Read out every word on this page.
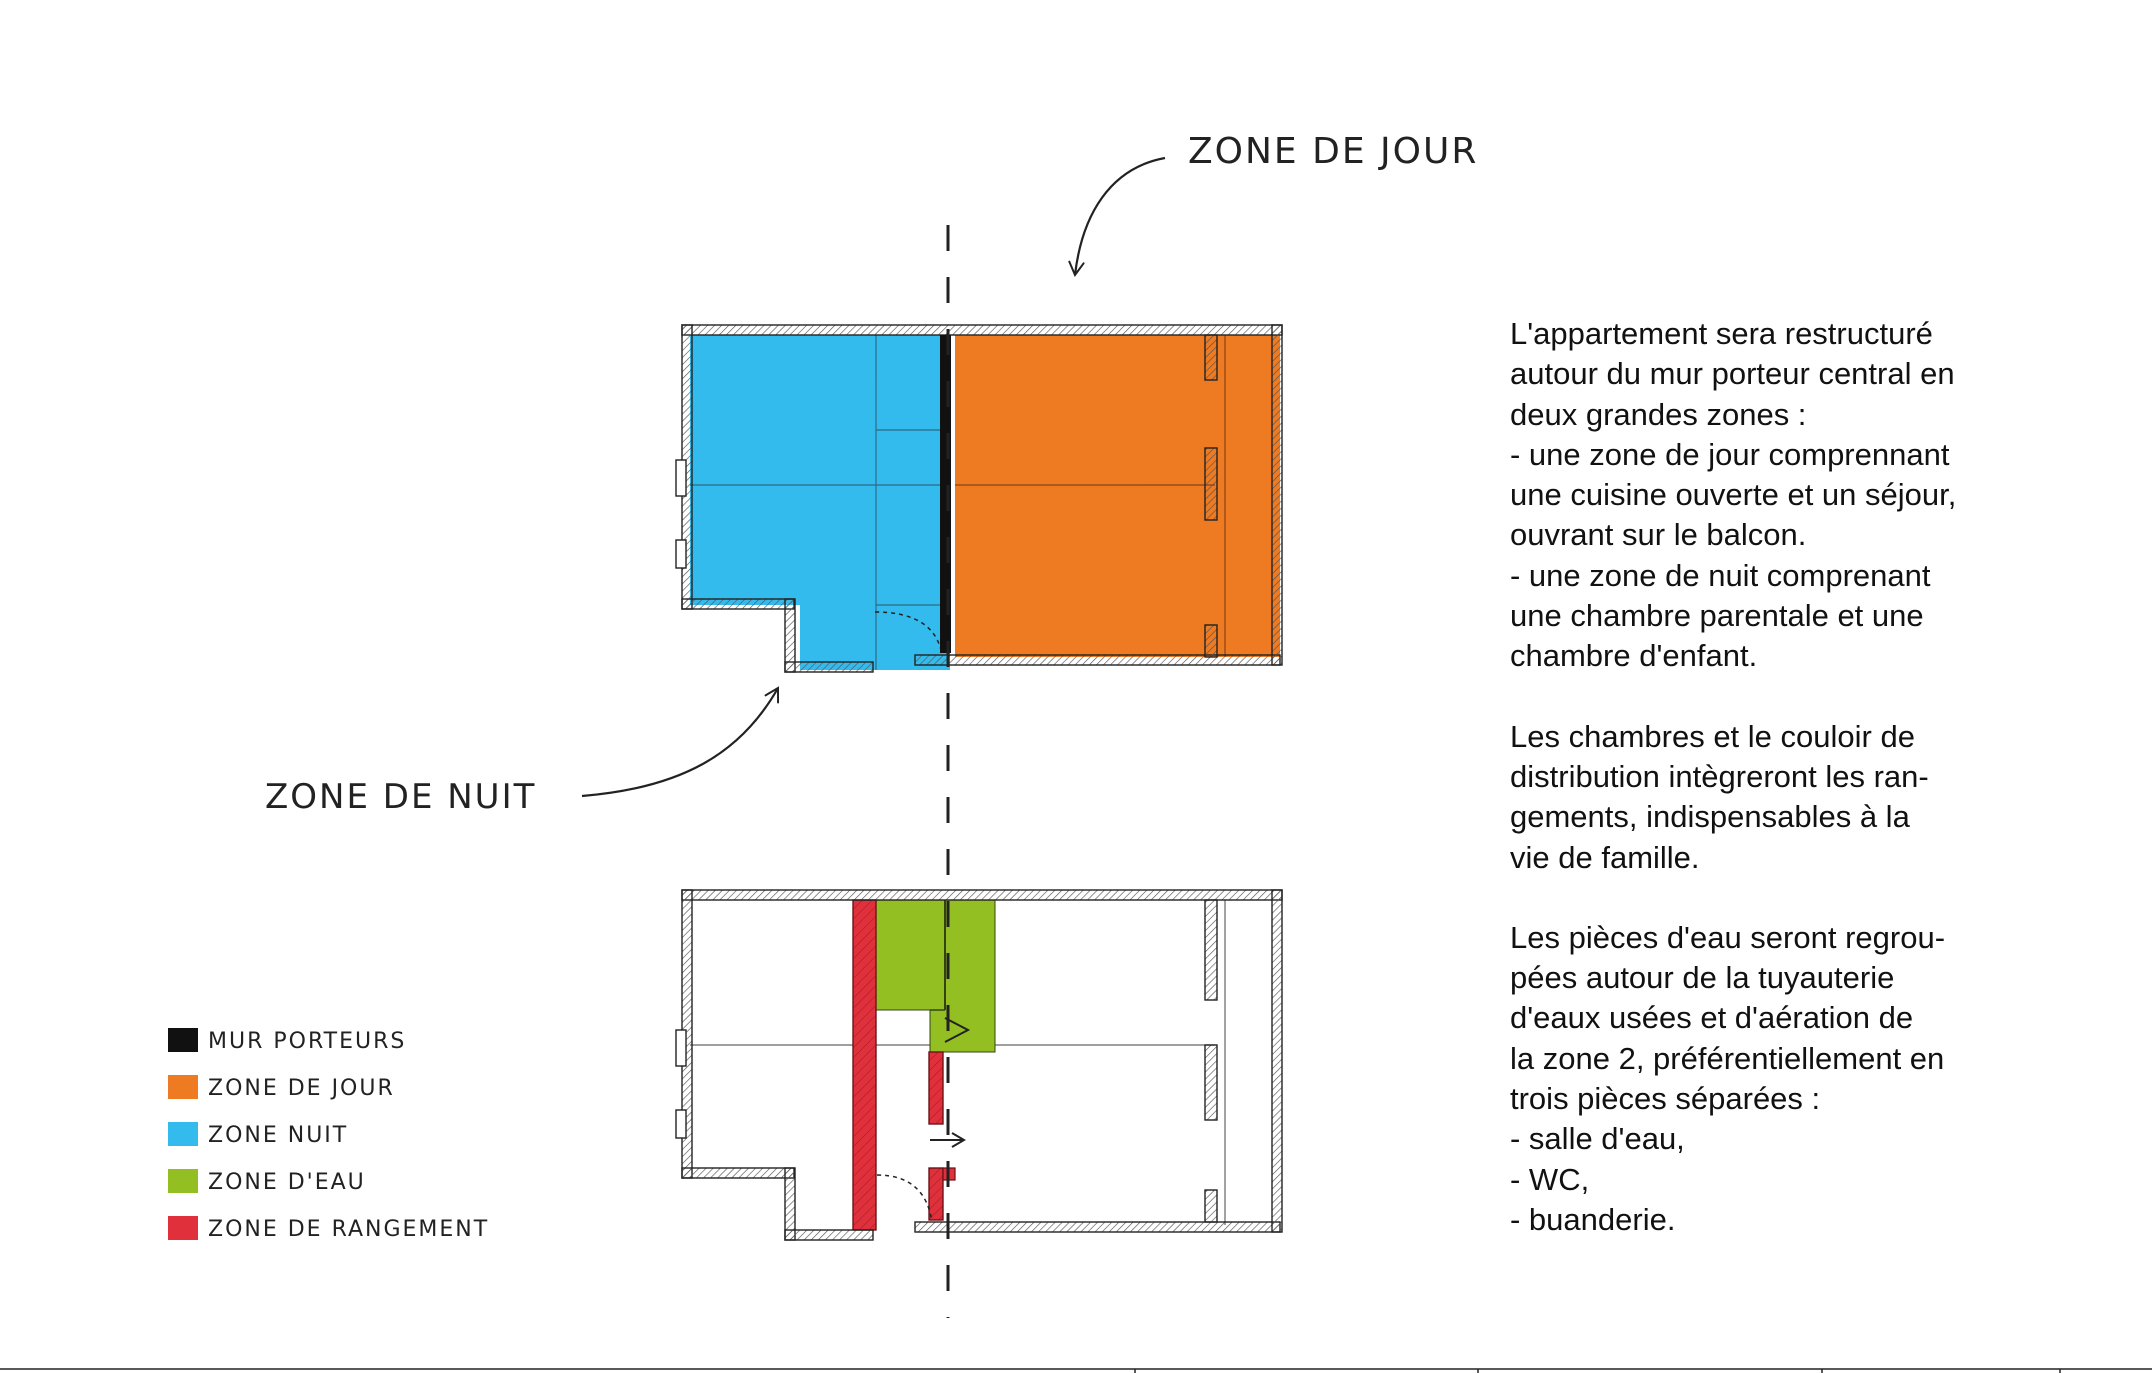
ZONE DE JOUR
ZONE DE NUIT
MUR PORTEURS
ZONE DE JOUR
ZONE NUIT
ZONE D'EAU
ZONE DE RANGEMENT

L'appartement sera restructuré
autour du mur porteur central en
deux grandes zones :
- une zone de jour comprennant
une cuisine ouverte et un séjour,
ouvrant sur le balcon.
- une zone de nuit comprenant
une chambre parentale et une
chambre d'enfant.

Les chambres et le couloir de
distribution intègreront les ran-
gements, indispensables à la
vie de famille.

Les pièces d'eau seront regrou-
pées autour de la tuyauterie
d'eaux usées et d'aération de
la zone 2, préférentiellement en
trois pièces séparées :
- salle d'eau,
- WC,
- buanderie.
